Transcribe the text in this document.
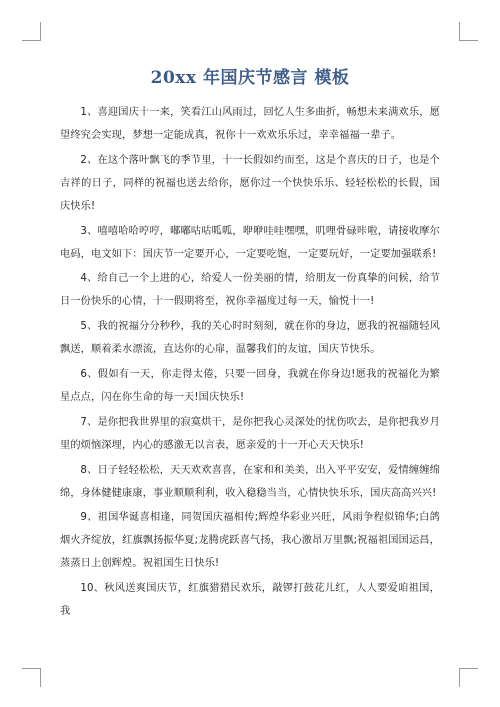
20xx 年国庆节感言 模板

1、喜迎国庆十一来，笑看江山风雨过，回忆人生多曲折，畅想未来满欢乐，愿望终究会实现，梦想一定能成真，祝你十一欢欢乐乐过，幸幸福福一辈子。

2、在这个落叶飘飞的季节里，十一长假如约而至，这是个喜庆的日子，也是个吉祥的日子，同样的祝福也送去给你，愿你过一个快快乐乐、轻轻松松的长假，国庆快乐!

3、嘻嘻哈哈哼哼，嘟嘟咕咕呱呱，咿咿哇哇嘿嘿，叽哩骨碌咔啦，请接收摩尔电码，电文如下：国庆节一定要开心，一定要吃饱，一定要玩好，一定要加强联系!

4、给自己一个上进的心，给爱人一份美丽的情，给朋友一份真挚的问候，给节日一份快乐的心情，十一假期将至，祝你幸福度过每一天，愉悦十一!

5、我的祝福分分秒秒，我的关心时时刻刻，就在你的身边，愿我的祝福随轻风飘送，顺着柔水漂流，直达你的心扉，温馨我们的友谊，国庆节快乐。

6、假如有一天，你走得太倦，只要一回身，我就在你身边!愿我的祝福化为繁星点点，闪在你生命的每一天!国庆快乐!

7、是你把我世界里的寂寞烘干，是你把我心灵深处的忧伤吹去，是你把我岁月里的烦恼深埋，内心的感激无以言表，愿亲爱的十一开心天天快乐!

8、日子轻轻松松，天天欢欢喜喜，在家和和美美，出入平平安安，爱情缠缠绵绵，身体健健康康，事业顺顺利利，收入稳稳当当，心情快快乐乐，国庆高高兴兴!

9、祖国华诞喜相逢，同贺国庆福相传;辉煌华彩业兴旺，风雨争程似锦华;白鸽烟火齐绽放，红旗飘扬振华夏;龙腾虎跃喜气扬，我心激昂万里飘;祝福祖国国运昌，蒸蒸日上创辉煌。祝祖国生日快乐!

10、秋风送爽国庆节，红旗猎猎民欢乐，敲锣打鼓花儿红，人人要爱咱祖国，我
